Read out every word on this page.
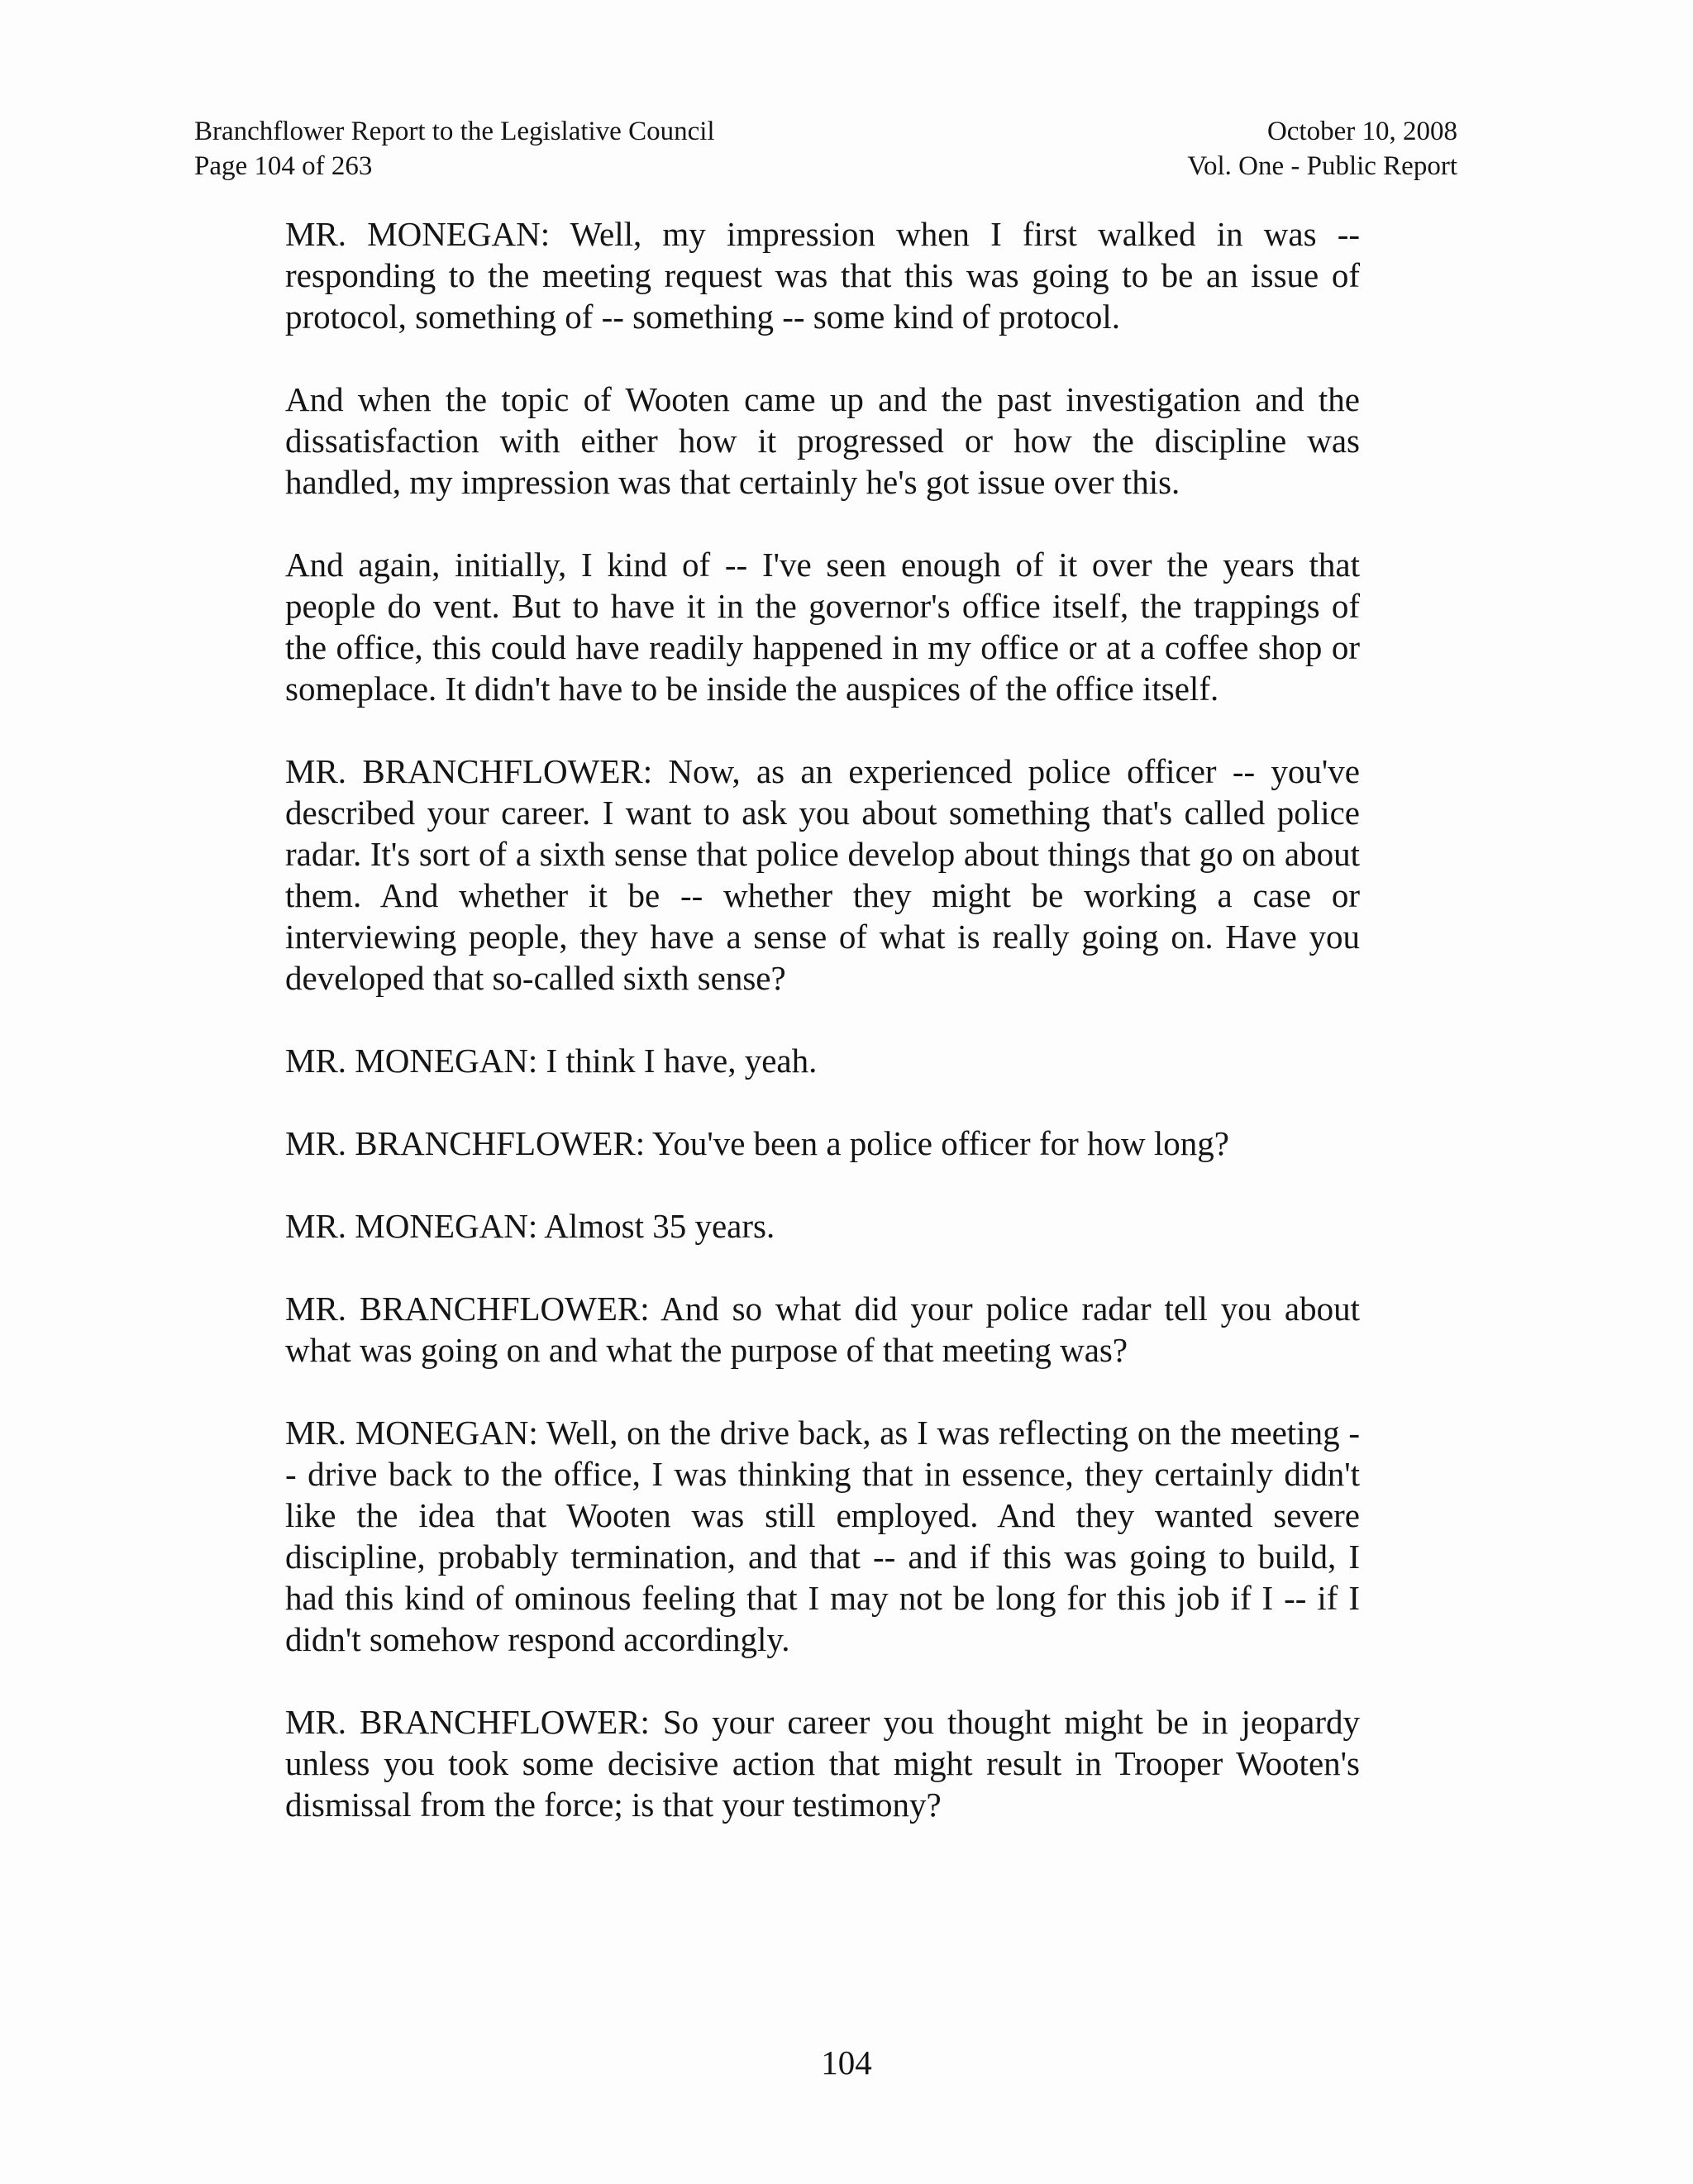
Branchflower Report to the Legislative Council
Page 104 of 263
October 10, 2008
Vol. One - Public Report

MR. MONEGAN: Well, my impression when I first walked in was -- responding to the meeting request was that this was going to be an issue of protocol, something of -- something -- some kind of protocol.

And when the topic of Wooten came up and the past investigation and the dissatisfaction with either how it progressed or how the discipline was handled, my impression was that certainly he's got issue over this.

And again, initially, I kind of -- I've seen enough of it over the years that people do vent. But to have it in the governor's office itself, the trappings of the office, this could have readily happened in my office or at a coffee shop or someplace. It didn't have to be inside the auspices of the office itself.

MR. BRANCHFLOWER: Now, as an experienced police officer -- you've described your career. I want to ask you about something that's called police radar. It's sort of a sixth sense that police develop about things that go on about them. And whether it be -- whether they might be working a case or interviewing people, they have a sense of what is really going on. Have you developed that so-called sixth sense?

MR. MONEGAN: I think I have, yeah.

MR. BRANCHFLOWER: You've been a police officer for how long?

MR. MONEGAN: Almost 35 years.

MR. BRANCHFLOWER: And so what did your police radar tell you about what was going on and what the purpose of that meeting was?

MR. MONEGAN: Well, on the drive back, as I was reflecting on the meeting -- drive back to the office, I was thinking that in essence, they certainly didn't like the idea that Wooten was still employed. And they wanted severe discipline, probably termination, and that -- and if this was going to build, I had this kind of ominous feeling that I may not be long for this job if I -- if I didn't somehow respond accordingly.

MR. BRANCHFLOWER: So your career you thought might be in jeopardy unless you took some decisive action that might result in Trooper Wooten's dismissal from the force; is that your testimony?

104
